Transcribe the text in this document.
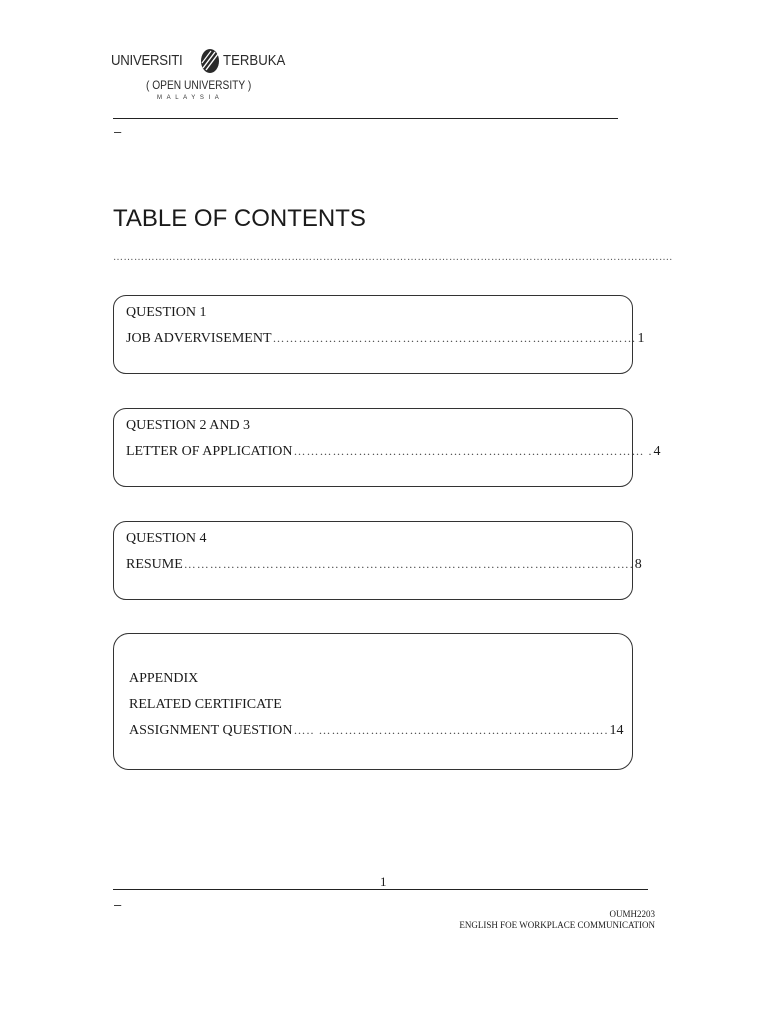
UNIVERSITI	TERBUKA
( OPEN UNIVERSITY )
MALAYSIA
–
TABLE OF CONTENTS
…………………………………………………………………………………………………………………………………………….
QUESTION 1
JOB ADVERVISEMENT ………………………………………………………………………… 1
QUESTION 2 AND 3
LETTER OF APPLICATION ……………………………………………………………………… . 4
QUESTION 4
RESUME ……………………………………………………………………………………….…. 8
APPENDIX
RELATED CERTIFICATE
ASSIGNMENT QUESTION ….. …………………………………………………………. 14
1
–
OUMH2203
ENGLISH FOE WORKPLACE COMMUNICATION
